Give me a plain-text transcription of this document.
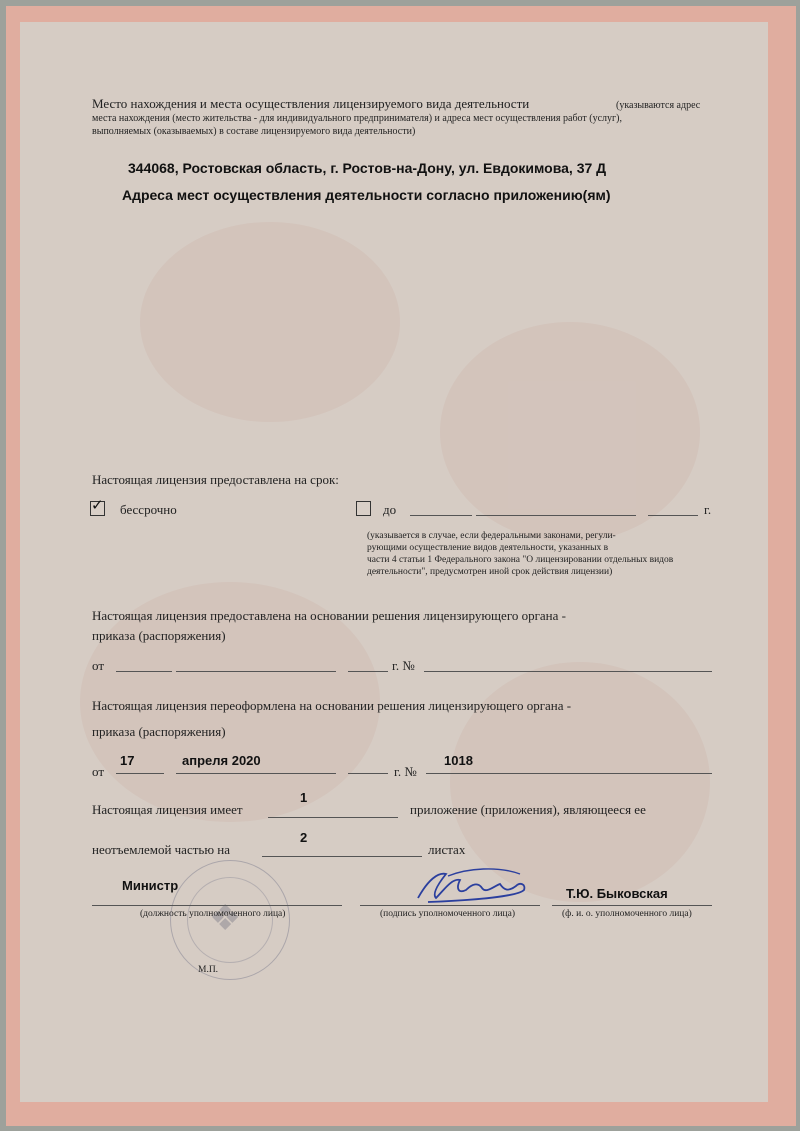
Место нахождения и места осуществления лицензируемого вида деятельности	(указываются адрес
места нахождения (место жительства - для индивидуального предпринимателя) и адреса мест осуществления работ (услуг),
выполняемых (оказываемых) в составе лицензируемого вида деятельности)
344068, Ростовская область, г. Ростов-на-Дону, ул. Евдокимова, 37 Д
Адреса мест осуществления деятельности согласно приложению(ям)
Настоящая лицензия предоставлена на срок:
✓ бессрочно	до	г.
(указывается в случае, если федеральными законами, регули-
рующими осуществление видов деятельности, указанных в
части 4 статьи 1 Федерального закона "О лицензировании отдельных видов
деятельности", предусмотрен иной срок действия лицензии)
Настоящая лицензия предоставлена на основании решения лицензирующего органа -
приказа (распоряжения)
от	г. №
Настоящая лицензия переоформлена на основании решения лицензирующего органа -
приказа (распоряжения)
от
17	апреля 2020
г. №
1018
Настоящая лицензия имеет
1
приложение (приложения), являющееся ее
неотъемлемой частью на
2
листах
❖
Министр
(должность уполномоченного лица)	(подпись уполномоченного лица)
Т.Ю. Быковская
(ф. и. о. уполномоченного лица)
М.П.
